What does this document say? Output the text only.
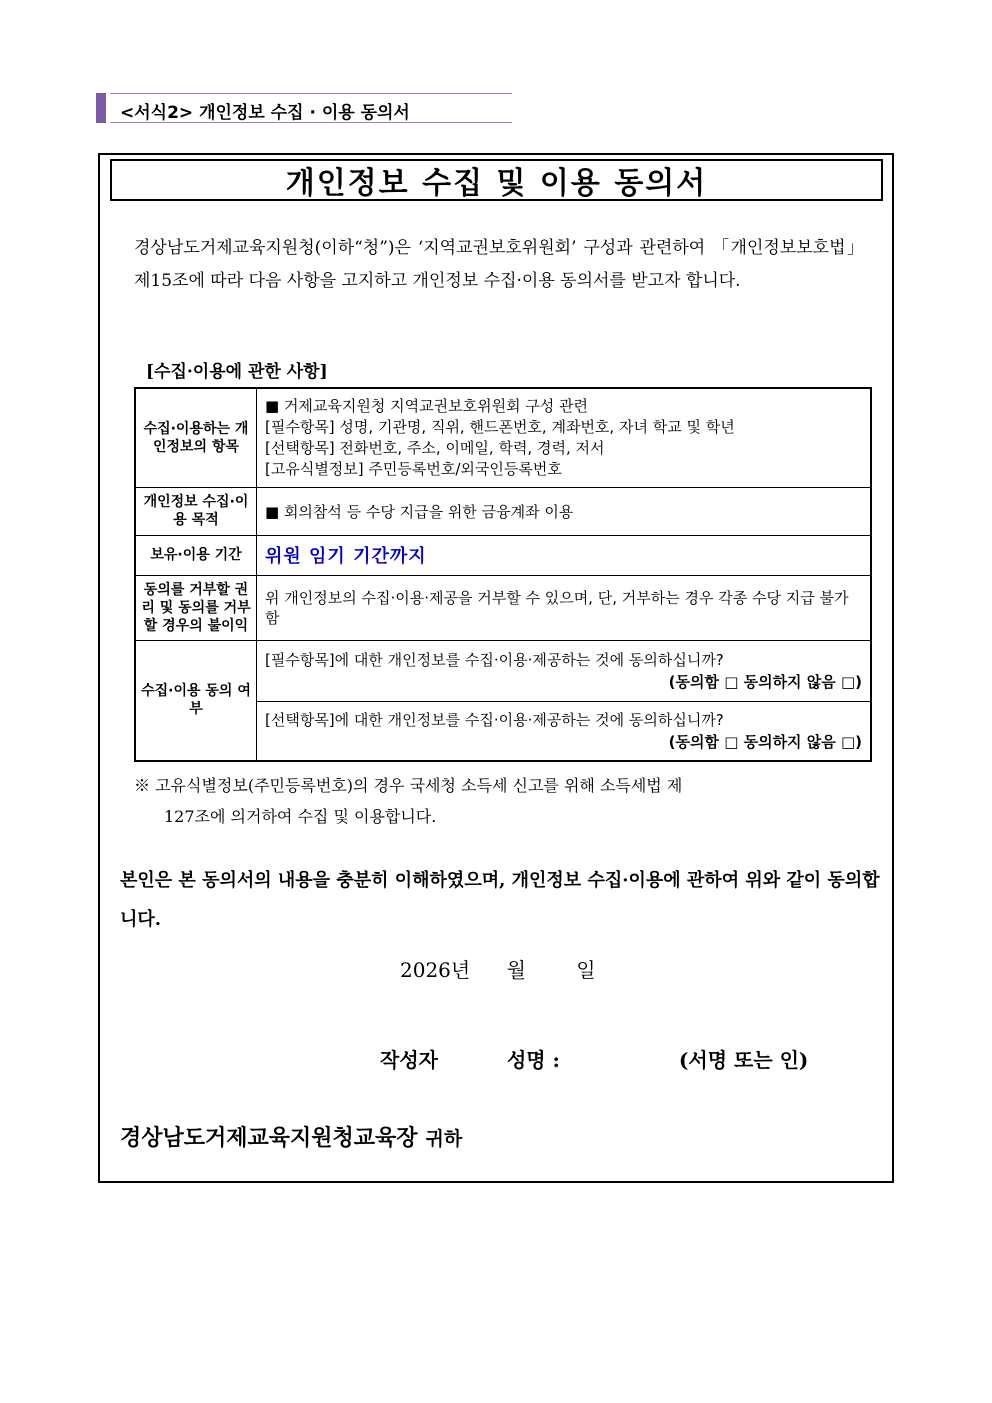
<서식2> 개인정보 수집 · 이용 동의서
개인정보 수집 및 이용 동의서
경상남도거제교육지원청(이하“청”)은 ‘지역교권보호위원회’ 구성과 관련하여 「개인정보보호법」 제15조에 따라 다음 사항을 고지하고 개인정보 수집·이용 동의서를 받고자 합니다.
[수집·이용에 관한 사항]
수집·이용하는 개인정보의 항목	■ 거제교육지원청 지역교권보호위원회 구성 관련
[필수항목] 성명, 기관명, 직위, 핸드폰번호, 계좌번호, 자녀 학교 및 학년
[선택항목] 전화번호, 주소, 이메일, 학력, 경력, 저서
[고유식별정보] 주민등록번호/외국인등록번호

개인정보 수집·이용 목적	■ 회의참석 등 수당 지급을 위한 금융계좌 이용
보유·이용 기간	위원 임기 기간까지
동의를 거부할 권리 및 동의를 거부할 경우의 불이익	위 개인정보의 수집·이용·제공을 거부할 수 있으며, 단, 거부하는 경우 각종 수당 지급 불가함
수집·이용 동의 여부	[필수항목]에 대한 개인정보를 수집·이용·제공하는 것에 동의하십니까?
(동의함 □ 동의하지 않음 □)

	[선택항목]에 대한 개인정보를 수집·이용·제공하는 것에 동의하십니까?
(동의함 □ 동의하지 않음 □)
※ 고유식별정보(주민등록번호)의 경우 국세청 소득세 신고를 위해 소득세법 제
127조에 의거하여 수집 및 이용합니다.
본인은 본 동의서의 내용을 충분히 이해하였으며, 개인정보 수집·이용에 관하여 위와 같이 동의합니다.
2026년 월	일
작성자	성명 :	(서명 또는 인)
경상남도거제교육지원청교육장 귀하
